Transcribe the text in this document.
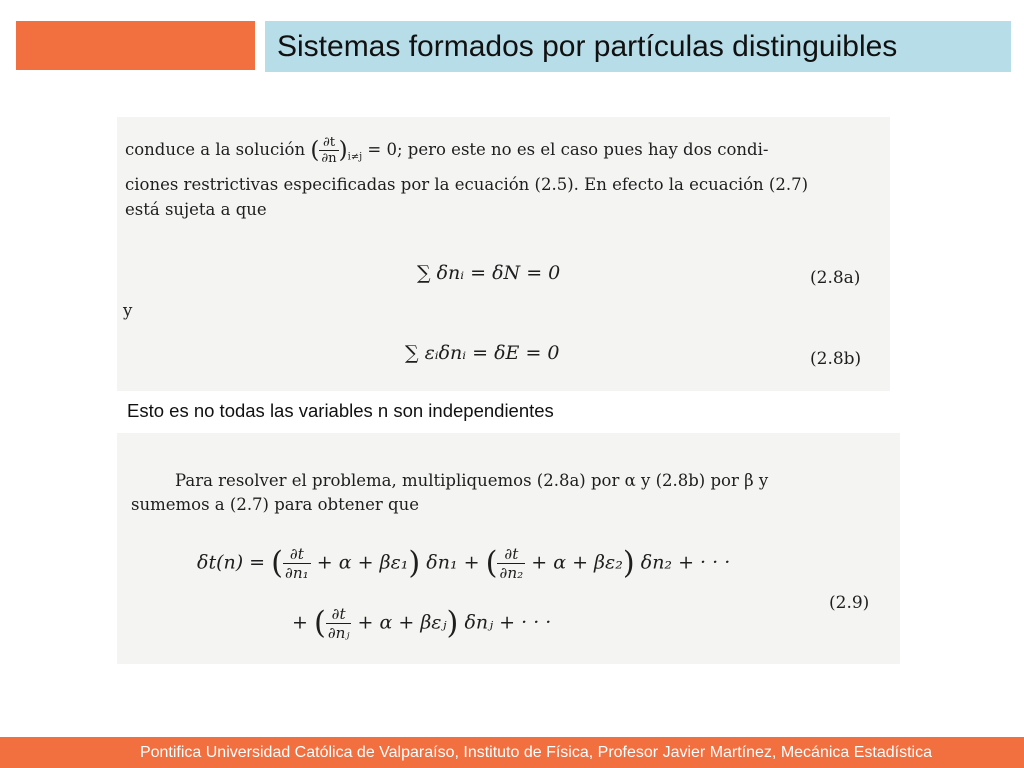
Sistemas formados por partículas distinguibles
conduce a la solución ( $\frac{\partial t}{\partial n} )_{i\ne j} = 0$; pero este no es el caso pues hay dos condi-
ciones restrictivas especificadas por la ecuación (2.5). En efecto la ecuación (2.7)
está sujeta a que
∑ δnᵢ = δN = 0	(2.8a)
y
∑ εᵢδnᵢ = δE = 0	(2.8b)
Esto es no todas las variables n son independientes
Para resolver el problema, multipliquemos (2.8a) por α y (2.8b) por β y
sumemos a (2.7) para obtener que
δt(n) = ( $\frac{\partial t}{\text{∂n₁}} + \alpha + \beta\varepsilon_1$) δn₁ + ( $\frac{\partial t}{\text{∂n₂}} + \alpha + \beta\varepsilon_2$) δn₂ + · · ·
(2.9)
+ ( $\frac{\partial t}{\text{∂nⱼ}} + \alpha$ + βεⱼ) δnⱼ + · · ·
Pontifica Universidad Católica de Valparaíso, Instituto de Física, Profesor Javier Martínez, Mecánica Estadística
